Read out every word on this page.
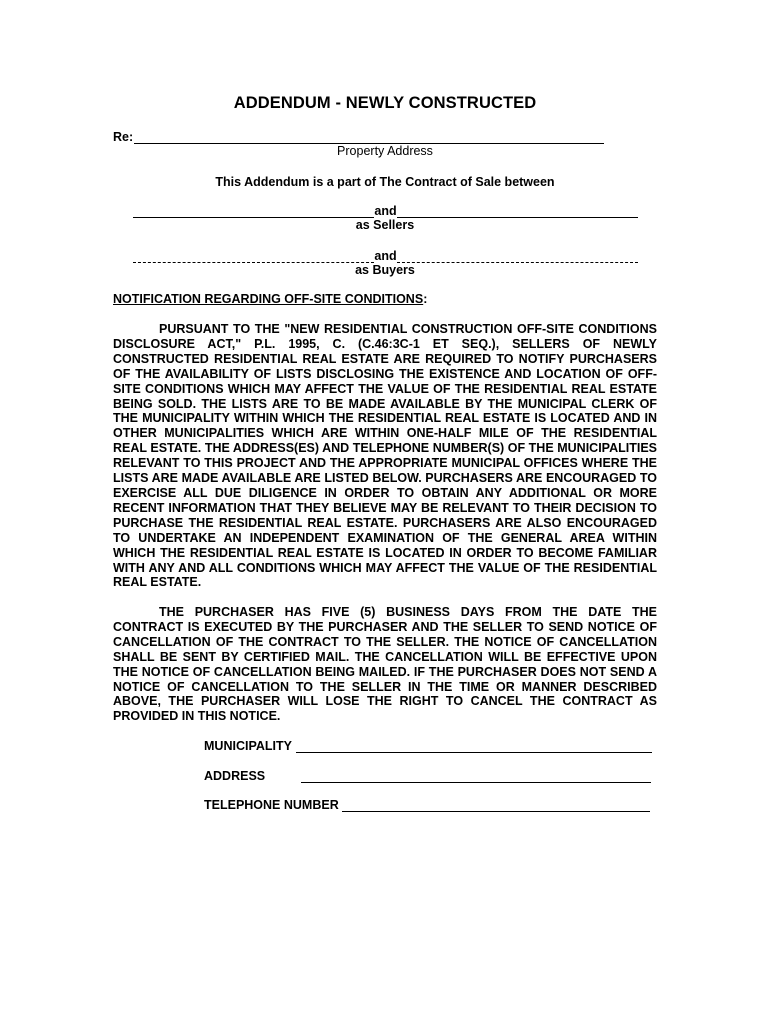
ADDENDUM - NEWLY CONSTRUCTED
Re:
Property Address
This Addendum is a part of The Contract of Sale between
and
as Sellers
and
as Buyers
NOTIFICATION REGARDING OFF-SITE CONDITIONS:

PURSUANT TO THE "NEW RESIDENTIAL CONSTRUCTION OFF-SITE CONDITIONS DISCLOSURE ACT," P.L. 1995, C. (C.46:3C-1 ET SEQ.), SELLERS OF NEWLY CONSTRUCTED RESIDENTIAL REAL ESTATE ARE REQUIRED TO NOTIFY PURCHASERS OF THE AVAILABILITY OF LISTS DISCLOSING THE EXISTENCE AND LOCATION OF OFF-SITE CONDITIONS WHICH MAY AFFECT THE VALUE OF THE RESIDENTIAL REAL ESTATE BEING SOLD. THE LISTS ARE TO BE MADE AVAILABLE BY THE MUNICIPAL CLERK OF THE MUNICIPALITY WITHIN WHICH THE RESIDENTIAL REAL ESTATE IS LOCATED AND IN OTHER MUNICIPALITIES WHICH ARE WITHIN ONE-HALF MILE OF THE RESIDENTIAL REAL ESTATE. THE ADDRESS(ES) AND TELEPHONE NUMBER(S) OF THE MUNICIPALITIES RELEVANT TO THIS PROJECT AND THE APPROPRIATE MUNICIPAL OFFICES WHERE THE LISTS ARE MADE AVAILABLE ARE LISTED BELOW. PURCHASERS ARE ENCOURAGED TO EXERCISE ALL DUE DILIGENCE IN ORDER TO OBTAIN ANY ADDITIONAL OR MORE RECENT INFORMATION THAT THEY BELIEVE MAY BE RELEVANT TO THEIR DECISION TO PURCHASE THE RESIDENTIAL REAL ESTATE. PURCHASERS ARE ALSO ENCOURAGED TO UNDERTAKE AN INDEPENDENT EXAMINATION OF THE GENERAL AREA WITHIN WHICH THE RESIDENTIAL REAL ESTATE IS LOCATED IN ORDER TO BECOME FAMILIAR WITH ANY AND ALL CONDITIONS WHICH MAY AFFECT THE VALUE OF THE RESIDENTIAL REAL ESTATE.

THE PURCHASER HAS FIVE (5) BUSINESS DAYS FROM THE DATE THE CONTRACT IS EXECUTED BY THE PURCHASER AND THE SELLER TO SEND NOTICE OF CANCELLATION OF THE CONTRACT TO THE SELLER. THE NOTICE OF CANCELLATION SHALL BE SENT BY CERTIFIED MAIL. THE CANCELLATION WILL BE EFFECTIVE UPON THE NOTICE OF CANCELLATION BEING MAILED. IF THE PURCHASER DOES NOT SEND A NOTICE OF CANCELLATION TO THE SELLER IN THE TIME OR MANNER DESCRIBED ABOVE, THE PURCHASER WILL LOSE THE RIGHT TO CANCEL THE CONTRACT AS PROVIDED IN THIS NOTICE.

MUNICIPALITY
ADDRESS
TELEPHONE NUMBER
